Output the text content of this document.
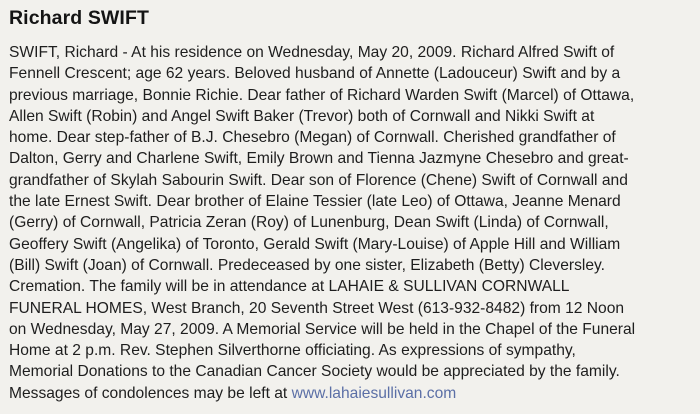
Richard SWIFT

SWIFT, Richard - At his residence on Wednesday, May 20, 2009. Richard Alfred Swift of
Fennell Crescent; age 62 years. Beloved husband of Annette (Ladouceur) Swift and by a
previous marriage, Bonnie Richie. Dear father of Richard Warden Swift (Marcel) of Ottawa,
Allen Swift (Robin) and Angel Swift Baker (Trevor) both of Cornwall and Nikki Swift at
home. Dear step-father of B.J. Chesebro (Megan) of Cornwall. Cherished grandfather of
Dalton, Gerry and Charlene Swift, Emily Brown and Tienna Jazmyne Chesebro and great-
grandfather of Skylah Sabourin Swift. Dear son of Florence (Chene) Swift of Cornwall and
the late Ernest Swift. Dear brother of Elaine Tessier (late Leo) of Ottawa, Jeanne Menard
(Gerry) of Cornwall, Patricia Zeran (Roy) of Lunenburg, Dean Swift (Linda) of Cornwall,
Geoffery Swift (Angelika) of Toronto, Gerald Swift (Mary-Louise) of Apple Hill and William
(Bill) Swift (Joan) of Cornwall. Predeceased by one sister, Elizabeth (Betty) Cleversley.
Cremation. The family will be in attendance at LAHAIE & SULLIVAN CORNWALL
FUNERAL HOMES, West Branch, 20 Seventh Street West (613-932-8482) from 12 Noon
on Wednesday, May 27, 2009. A Memorial Service will be held in the Chapel of the Funeral
Home at 2 p.m. Rev. Stephen Silverthorne officiating. As expressions of sympathy,
Memorial Donations to the Canadian Cancer Society would be appreciated by the family.
Messages of condolences may be left at www.lahaiesullivan.com
